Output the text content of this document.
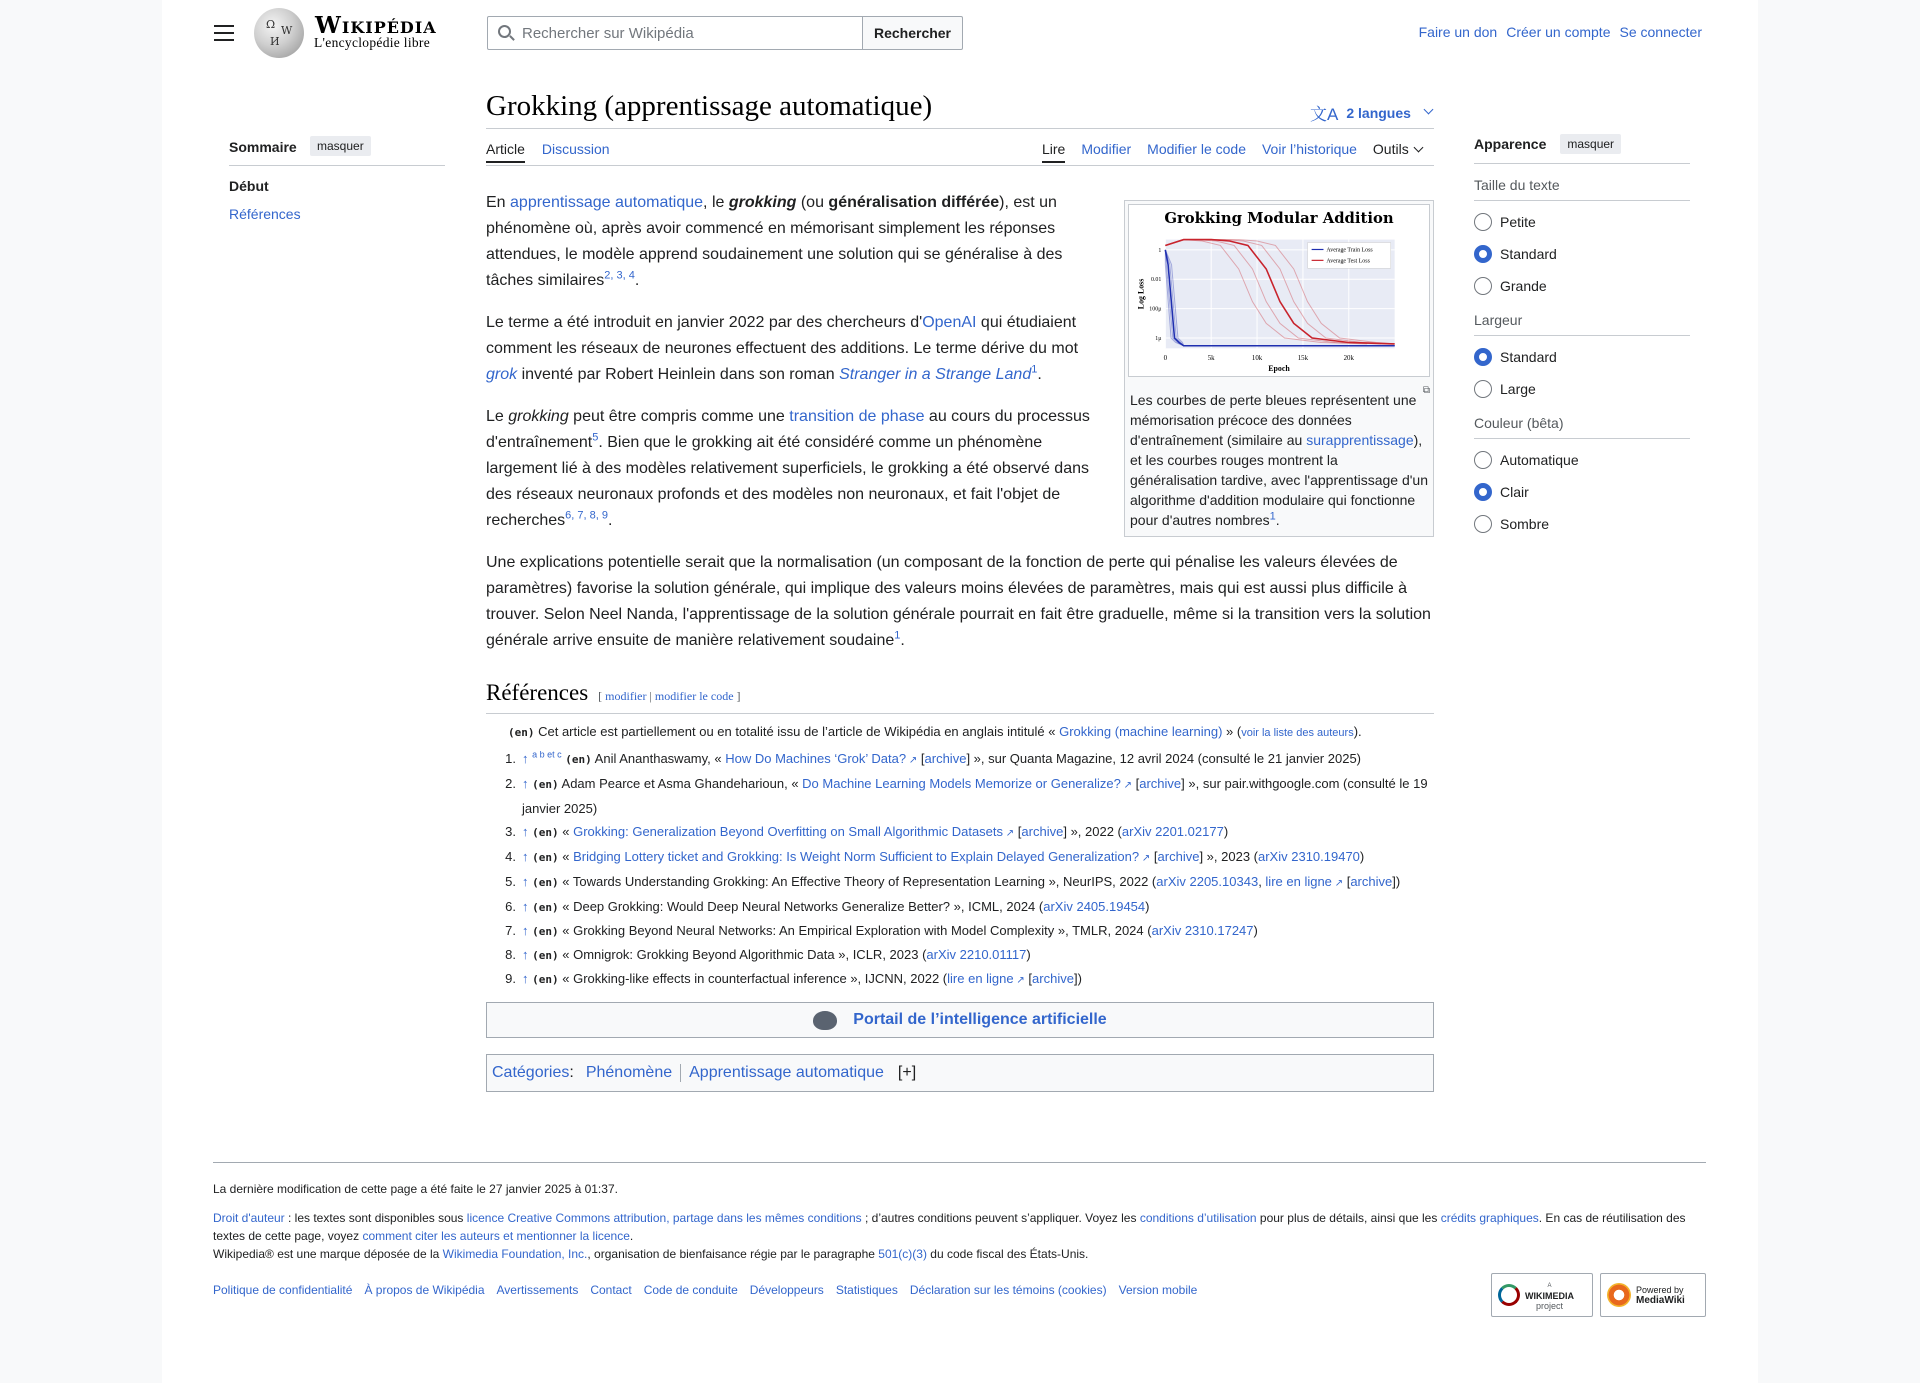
Ω W
И
Wikipédia
L'encyclopédie libre
Rechercher sur Wikipédia
Rechercher	Faire un don Créer un compte Se connecter
Sommaire	masquer
Début
Références
Grokking (apprentissage automatique)	文A 2 langues
Article Discussion	Lire Modifier Modifier le code Voir l’historique Outils
0	5k	10k	15k	20k
1
0.01
100μ
1μ
Grokking Modular Addition
Epoch
Log Loss
Average Train Loss
Average Test Loss
⧉
Les courbes de perte bleues représentent une mémorisation précoce des données d'entraînement (similaire au surapprentissage), et les courbes rouges montrent la généralisation tardive, avec l'apprentissage d'un algorithme d'addition modulaire qui fonctionne pour d'autres nombres$^1$.

En apprentissage automatique, le grokking (ou généralisation différée), est un phénomène où, après avoir commencé en mémorisant simplement les réponses attendues, le modèle apprend soudainement une solution qui se généralise à des tâches similaires$^{2, 3, 4}$.

Le terme a été introduit en janvier 2022 par des chercheurs d'OpenAI qui étudiaient comment les réseaux de neurones effectuent des additions. Le terme dérive du mot grok inventé par Robert Heinlein dans son roman Stranger in a Strange Land$^1$.

Le grokking peut être compris comme une transition de phase au cours du processus d'entraînement$^5$. Bien que le grokking ait été considéré comme un phénomène largement lié à des modèles relativement superficiels, le grokking a été observé dans des réseaux neuronaux profonds et des modèles non neuronaux, et fait l'objet de recherches$^{6, 7, 8, 9}$.

Une explications potentielle serait que la normalisation (un composant de la fonction de perte qui pénalise les valeurs élevées de paramètres) favorise la solution générale, qui implique des valeurs moins élevées de paramètres, mais qui est aussi plus difficile à trouver. Selon Neel Nanda, l'apprentissage de la solution générale pourrait en fait être graduelle, même si la transition vers la solution générale arrive ensuite de manière relativement soudaine$^1$.

Références [ modifier | modifier le code ]
(en) Cet article est partiellement ou en totalité issu de l’article de Wikipédia en anglais intitulé « Grokking (machine learning) » (voir la liste des auteurs).
1. ↑ $^{a b et c}$ (en) Anil Ananthaswamy, « How Do Machines ‘Grok’ Data? ↗ [archive] », sur Quanta Magazine, 12 avril 2024 (consulté le 21 janvier 2025)
2. ↑ (en) Adam Pearce et Asma Ghandeharioun, « Do Machine Learning Models Memorize or Generalize? ↗ [archive] », sur pair.withgoogle.com (consulté le 19 janvier 2025)
3. ↑ (en) « Grokking: Generalization Beyond Overfitting on Small Algorithmic Datasets ↗ [archive] », 2022 (arXiv 2201.02177)
4. ↑ (en) « Bridging Lottery ticket and Grokking: Is Weight Norm Sufficient to Explain Delayed Generalization? ↗ [archive] », 2023 (arXiv 2310.19470)
5. ↑ (en) « Towards Understanding Grokking: An Effective Theory of Representation Learning », NeurIPS, 2022 (arXiv 2205.10343, lire en ligne ↗ [archive])
6. ↑ (en) « Deep Grokking: Would Deep Neural Networks Generalize Better? », ICML, 2024 (arXiv 2405.19454)
7. ↑ (en) « Grokking Beyond Neural Networks: An Empirical Exploration with Model Complexity », TMLR, 2024 (arXiv 2310.17247)
8. ↑ (en) « Omnigrok: Grokking Beyond Algorithmic Data », ICLR, 2023 (arXiv 2210.01117)
9. ↑ (en) « Grokking-like effects in counterfactual inference », IJCNN, 2022 (lire en ligne ↗ [archive])
Portail de l’intelligence artificielle
Catégories : Phénomène Apprentissage automatique [+]
Apparence	masquer
Taille du texte
Petite
Standard
Grande
Largeur
Standard
Large
Couleur (bêta)
Automatique
Clair
Sombre
La dernière modification de cette page a été faite le 27 janvier 2025 à 01:37.
Droit d'auteur : les textes sont disponibles sous licence Creative Commons attribution, partage dans les mêmes conditions ; d’autres conditions peuvent s’appliquer. Voyez les conditions d’utilisation pour plus de détails, ainsi que les crédits graphiques. En cas de réutilisation des textes de cette page, voyez comment citer les auteurs et mentionner la licence.
Wikipedia® est une marque déposée de la Wikimedia Foundation, Inc., organisation de bienfaisance régie par le paragraphe 501(c)(3) du code fiscal des États-Unis.
Politique de confidentialité À propos de Wikipédia Avertissements Contact Code de conduite Développeurs Statistiques Déclaration sur les témoins (cookies) Version mobile	A
WIKIMEDIA
project
Powered by
MediaWiki
